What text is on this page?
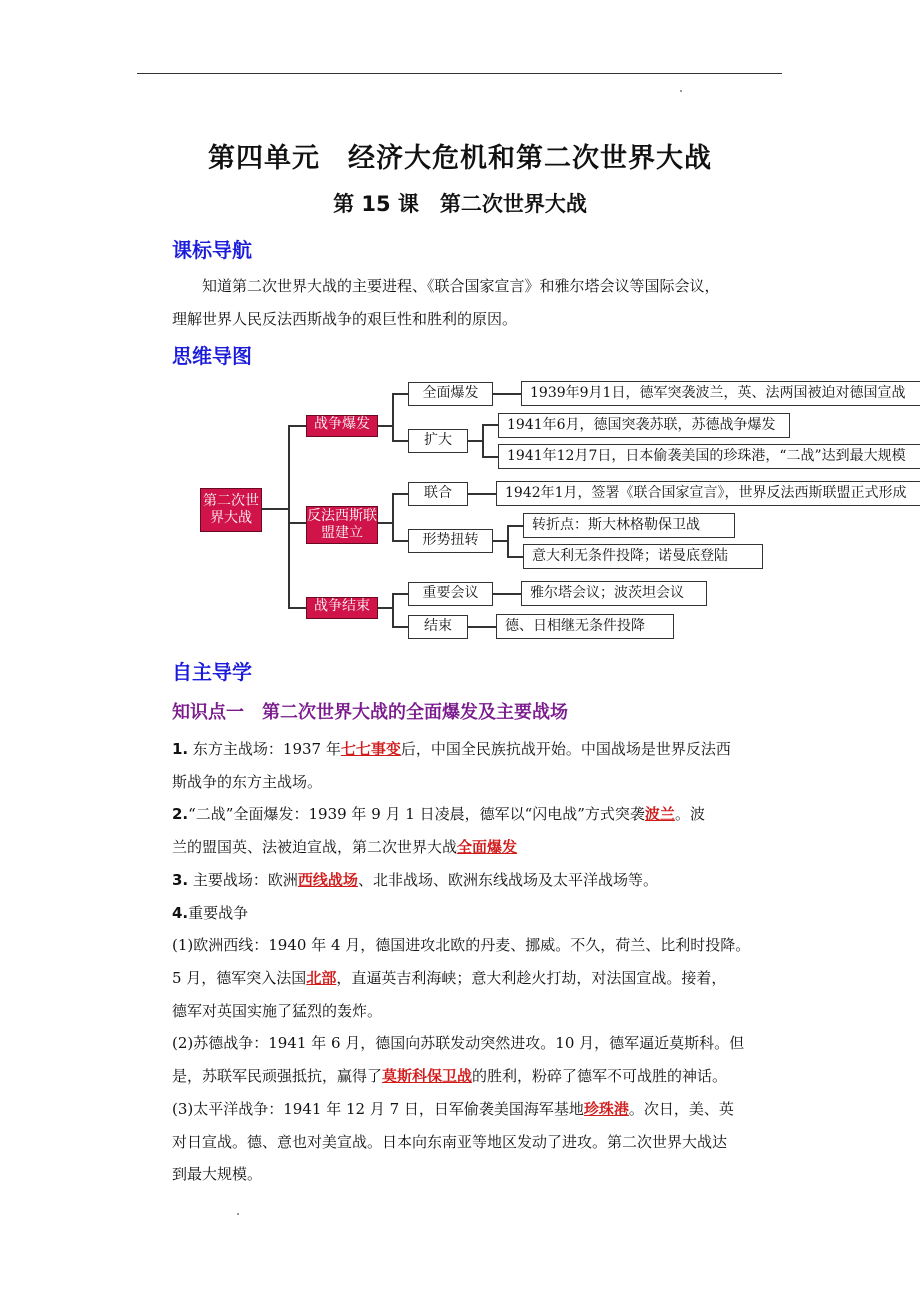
第四单元　经济大危机和第二次世界大战
第 15 课　第二次世界大战
课标导航
知道第二次世界大战的主要进程、《联合国家宣言》和雅尔塔会议等国际会议，
理解世界人民反法西斯战争的艰巨性和胜利的原因。
思维导图
第二次世界大战
战争爆发
反法西斯联盟建立
战争结束
全面爆发
扩大
联合
形势扭转
重要会议
结束
1939年9月1日，德军突袭波兰，英、法两国被迫对德国宣战
1941年6月，德国突袭苏联，苏德战争爆发
1941年12月7日，日本偷袭美国的珍珠港，“二战”达到最大规模
1942年1月，签署《联合国家宣言》，世界反法西斯联盟正式形成
转折点：斯大林格勒保卫战
意大利无条件投降；诺曼底登陆
雅尔塔会议；波茨坦会议
德、日相继无条件投降
自主导学
知识点一　第二次世界大战的全面爆发及主要战场
1. 东方主战场：1937 年七七事变后，中国全民族抗战开始。中国战场是世界反法西
斯战争的东方主战场。
2.“二战”全面爆发：1939 年 9 月 1 日凌晨，德军以“闪电战”方式突袭波兰。波
兰的盟国英、法被迫宣战，第二次世界大战全面爆发
3. 主要战场：欧洲西线战场、北非战场、欧洲东线战场及太平洋战场等。
4.重要战争
(1)欧洲西线：1940 年 4 月，德国进攻北欧的丹麦、挪威。不久，荷兰、比利时投降。
5 月，德军突入法国北部，直逼英吉利海峡；意大利趁火打劫，对法国宣战。接着，
德军对英国实施了猛烈的轰炸。
(2)苏德战争：1941 年 6 月，德国向苏联发动突然进攻。10 月，德军逼近莫斯科。但
是，苏联军民顽强抵抗，赢得了莫斯科保卫战的胜利，粉碎了德军不可战胜的神话。
(3)太平洋战争：1941 年 12 月 7 日，日军偷袭美国海军基地珍珠港。次日，美、英
对日宣战。德、意也对美宣战。日本向东南亚等地区发动了进攻。第二次世界大战达
到最大规模。
